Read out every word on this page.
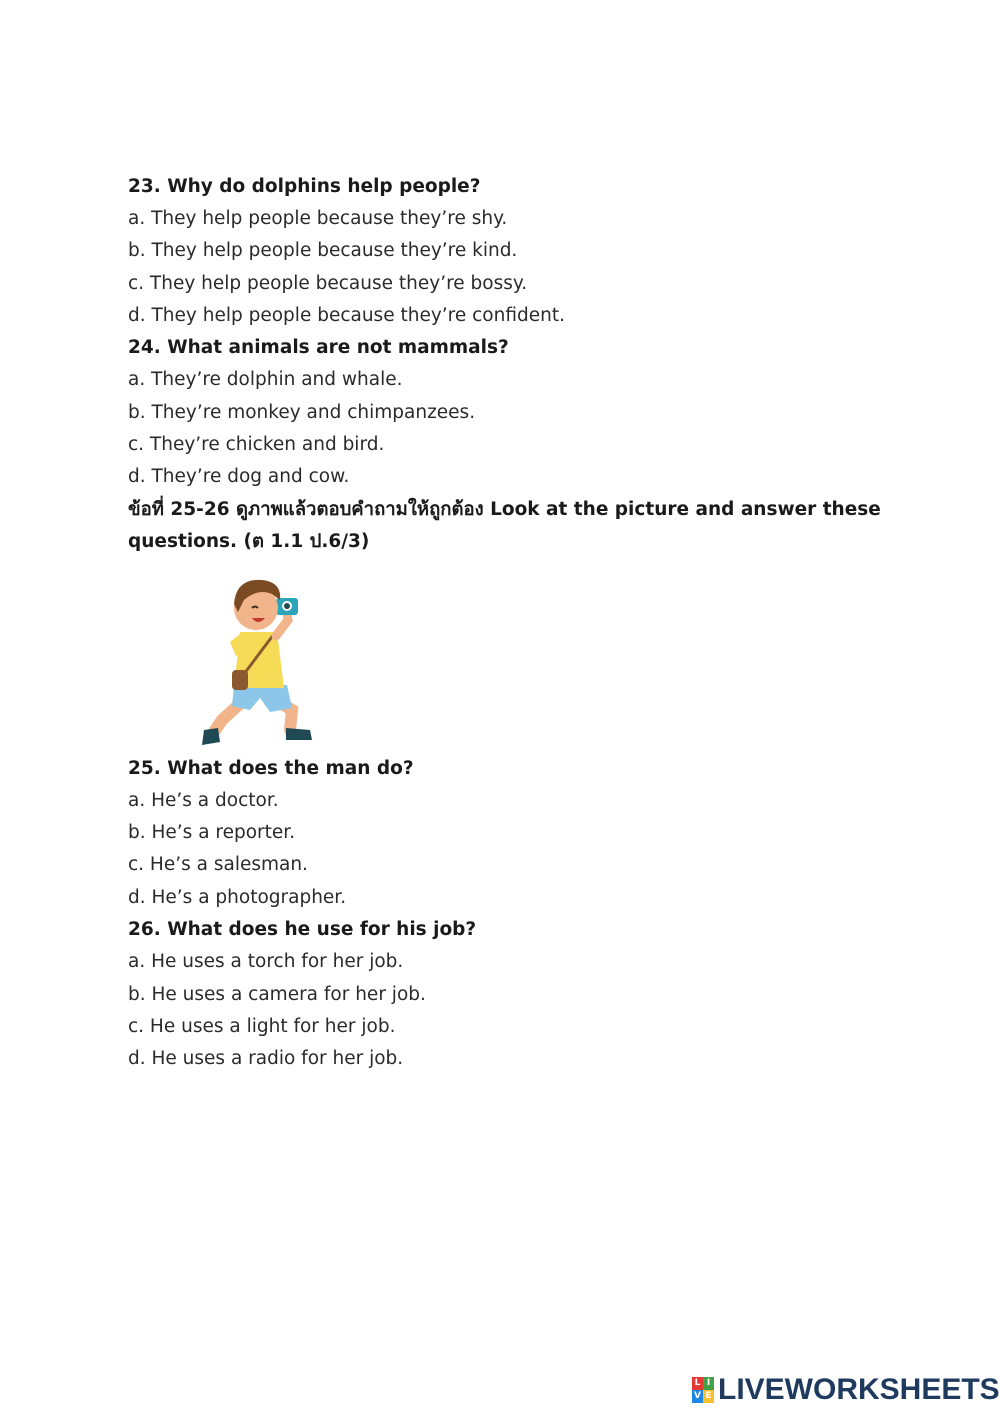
23. Why do dolphins help people?
a. They help people because they’re shy.
b. They help people because they’re kind.
c. They help people because they’re bossy.
d. They help people because they’re confident.
24. What animals are not mammals?
a. They’re dolphin and whale.
b. They’re monkey and chimpanzees.
c. They’re chicken and bird.
d. They’re dog and cow.
ข้อที่ 25-26 ดูภาพแล้วตอบคำถามให้ถูกต้อง Look at the picture and answer these
questions. (ต 1.1 ป.6/3)
25. What does the man do?
a. He’s a doctor.
b. He’s a reporter.
c. He’s a salesman.
d. He’s a photographer.
26. What does he use for his job?
a. He uses a torch for her job.
b. He uses a camera for her job.
c. He uses a light for her job.
d. He uses a radio for her job.
L I
V E LIVEWORKSHEETS
